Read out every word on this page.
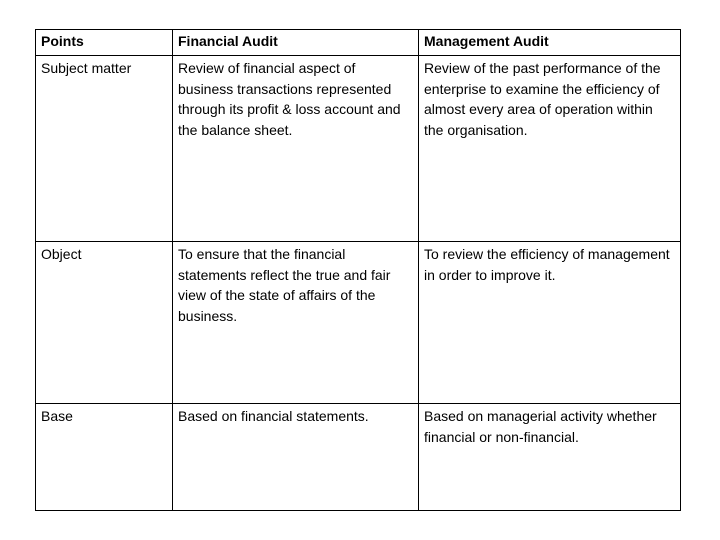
Points	Financial Audit	Management Audit
Subject matter	Review of financial aspect of business transactions represented through its profit & loss account and the balance sheet.	Review of the past performance of the enterprise to examine the efficiency of almost every area of operation within the organisation.
Object	To ensure that the financial statements reflect the true and fair view of the state of affairs of the business.	To review the efficiency of management in order to improve it.
Base	Based on financial statements.	Based on managerial activity whether financial or non-financial.
